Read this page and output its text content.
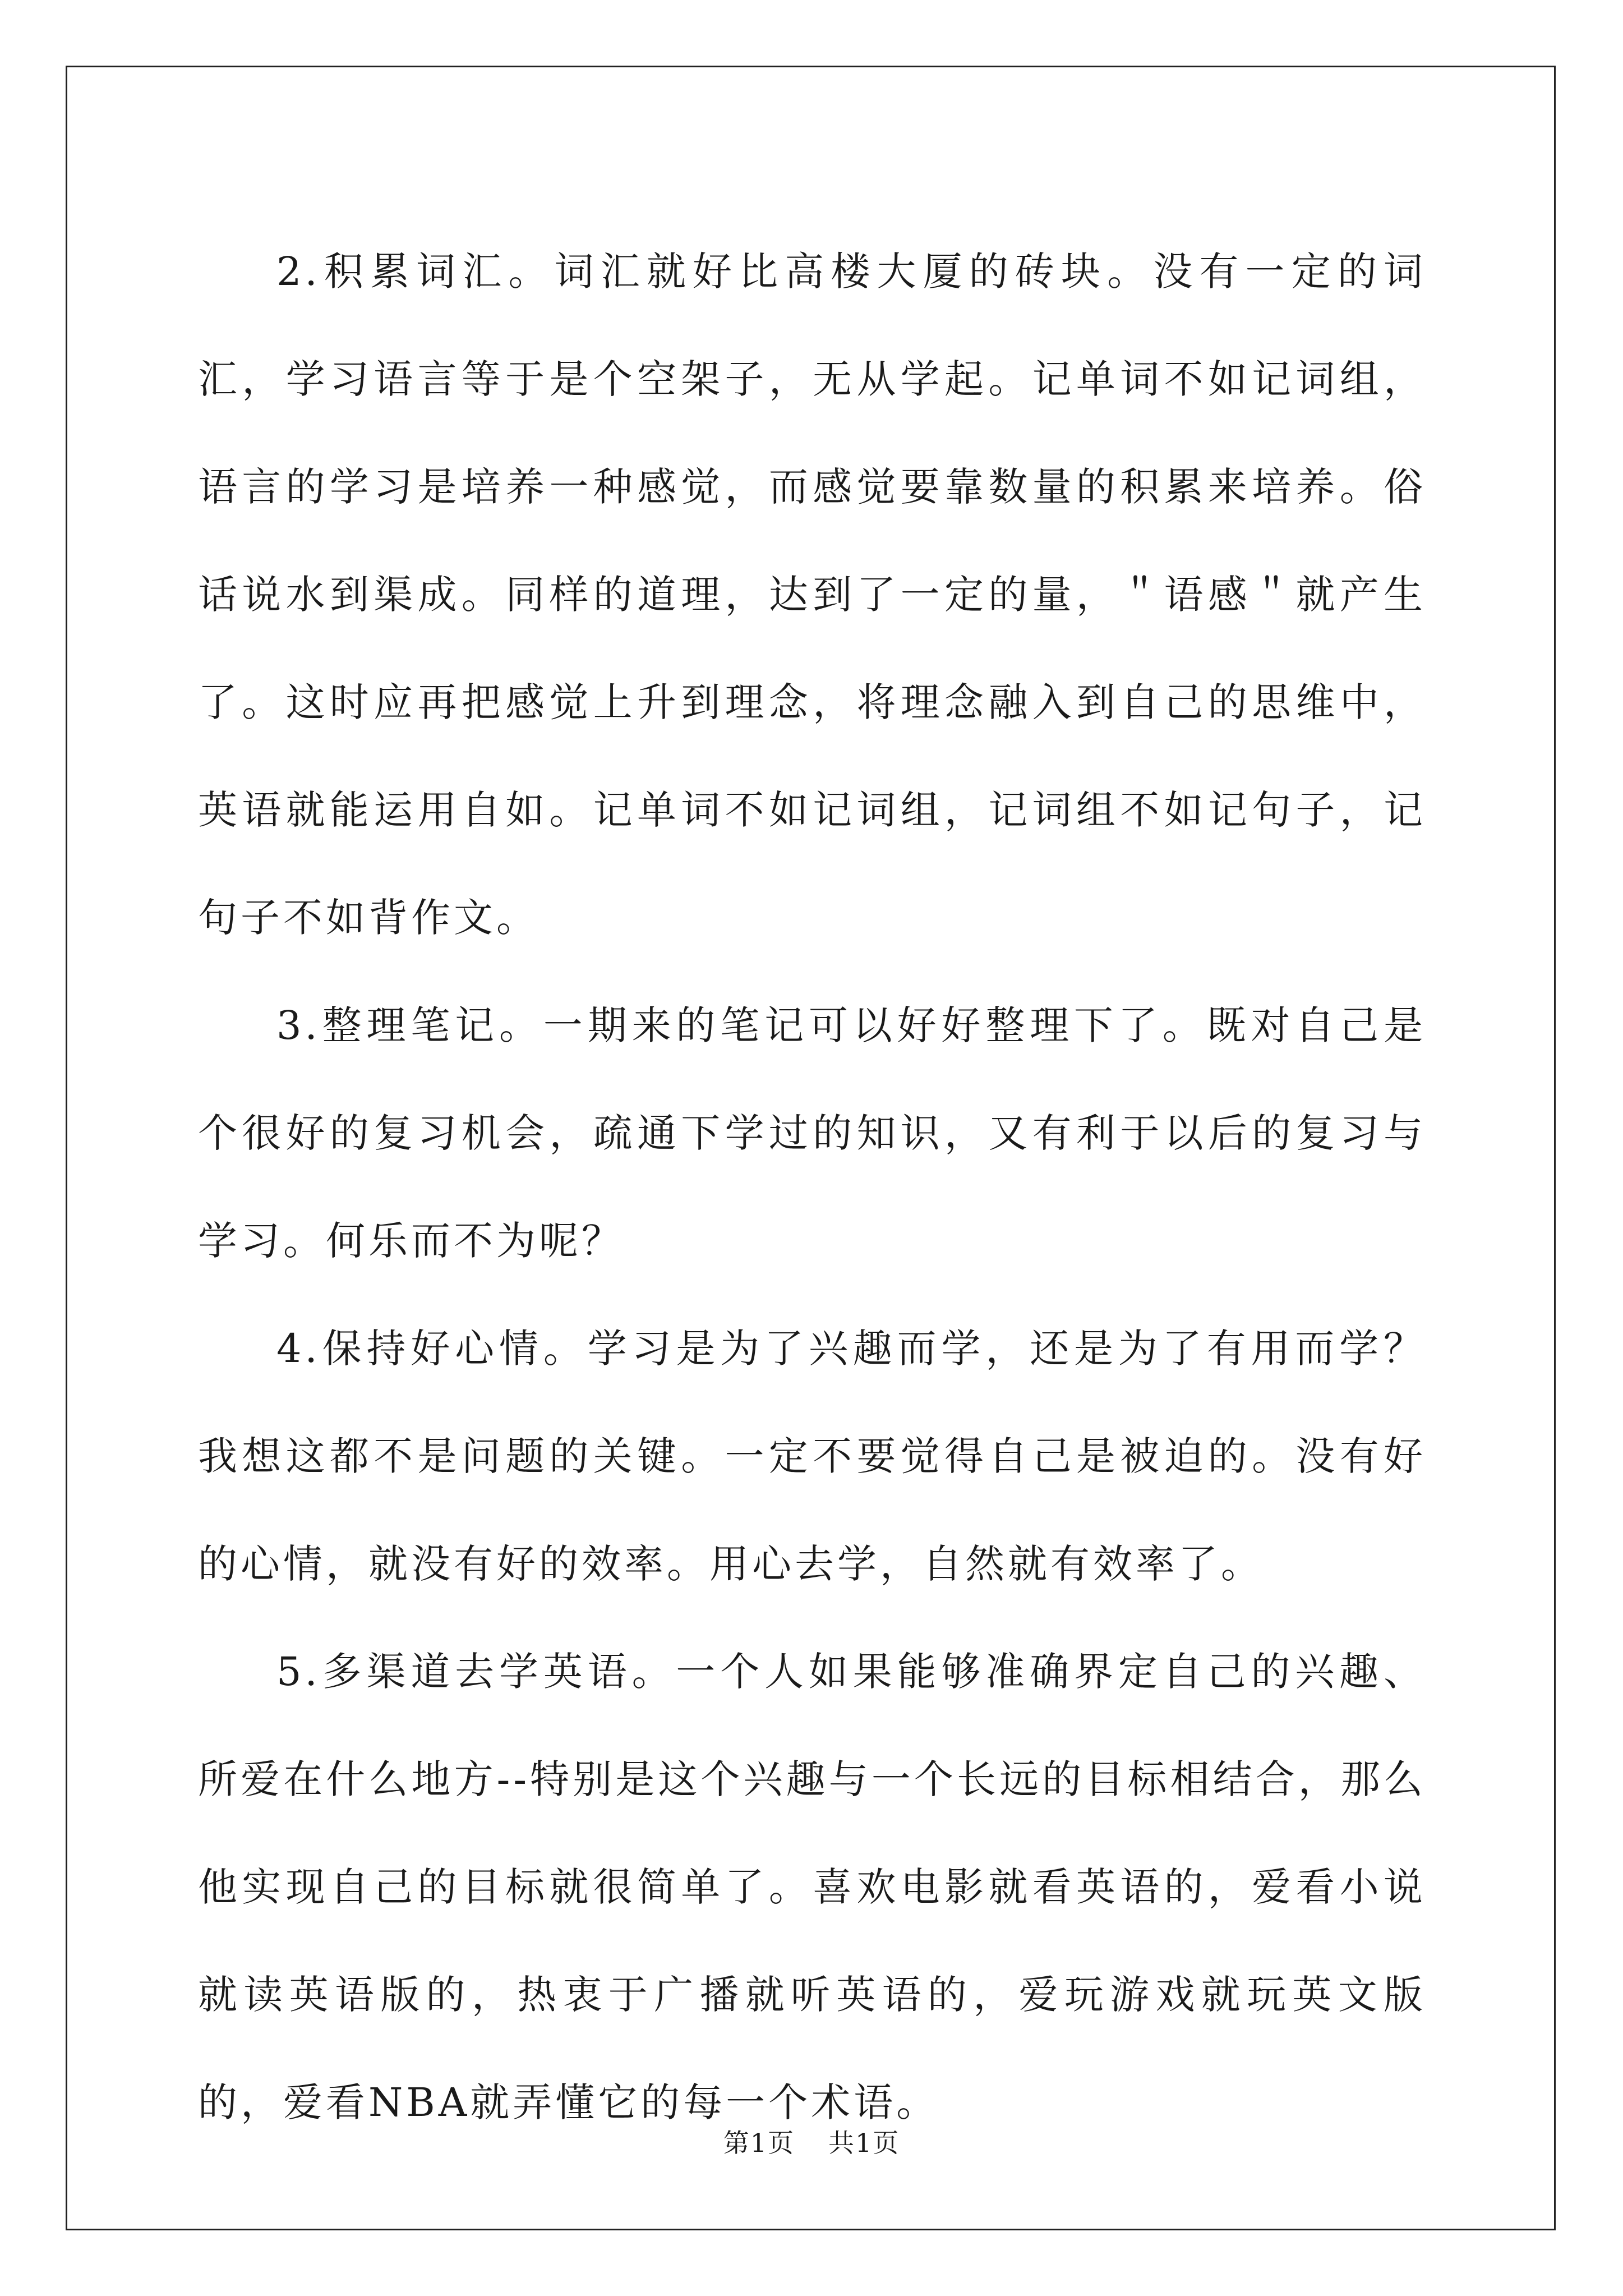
2.积累词汇。词汇就好比高楼大厦的砖块。没有一定的词汇，学习语言等于是个空架子，无从学起。记单词不如记词组，语言的学习是培养一种感觉，而感觉要靠数量的积累来培养。俗话说水到渠成。同样的道理，达到了一定的量，＂语感＂就产生了。这时应再把感觉上升到理念，将理念融入到自己的思维中，英语就能运用自如。记单词不如记词组，记词组不如记句子，记句子不如背作文。

3.整理笔记。一期来的笔记可以好好整理下了。既对自己是个很好的复习机会，疏通下学过的知识，又有利于以后的复习与学习。何乐而不为呢？

4.保持好心情。学习是为了兴趣而学，还是为了有用而学？我想这都不是问题的关键。一定不要觉得自己是被迫的。没有好的心情，就没有好的效率。用心去学，自然就有效率了。

5.多渠道去学英语。一个人如果能够准确界定自己的兴趣、所爱在什么地方--特别是这个兴趣与一个长远的目标相结合，那么他实现自己的目标就很简单了。喜欢电影就看英语的，爱看小说就读英语版的，热衷于广播就听英语的，爱玩游戏就玩英文版的，爱看NBA就弄懂它的每一个术语。

第1页 共1页
